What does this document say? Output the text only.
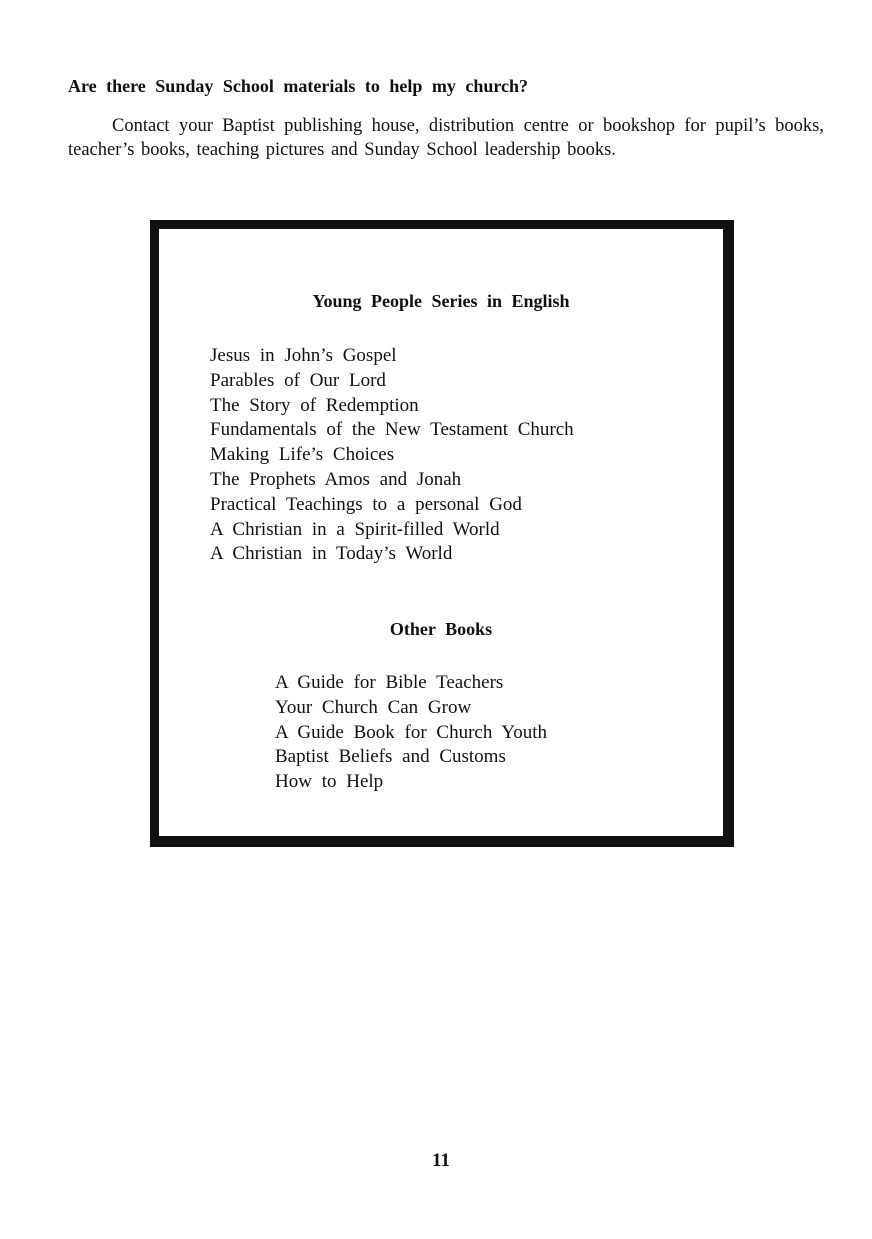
Are there Sunday School materials to help my church?

Contact your Baptist publishing house, distribution centre or bookshop for pupil’s books, teacher’s books, teaching pictures and Sunday School leadership books.

Young People Series in English
Jesus in John’s Gospel
Parables of Our Lord
The Story of Redemption
Fundamentals of the New Testament Church
Making Life’s Choices
The Prophets Amos and Jonah
Practical Teachings to a personal God
A Christian in a Spirit-filled World
A Christian in Today’s World
Other Books
A Guide for Bible Teachers
Your Church Can Grow
A Guide Book for Church Youth
Baptist Beliefs and Customs
How to Help

11
